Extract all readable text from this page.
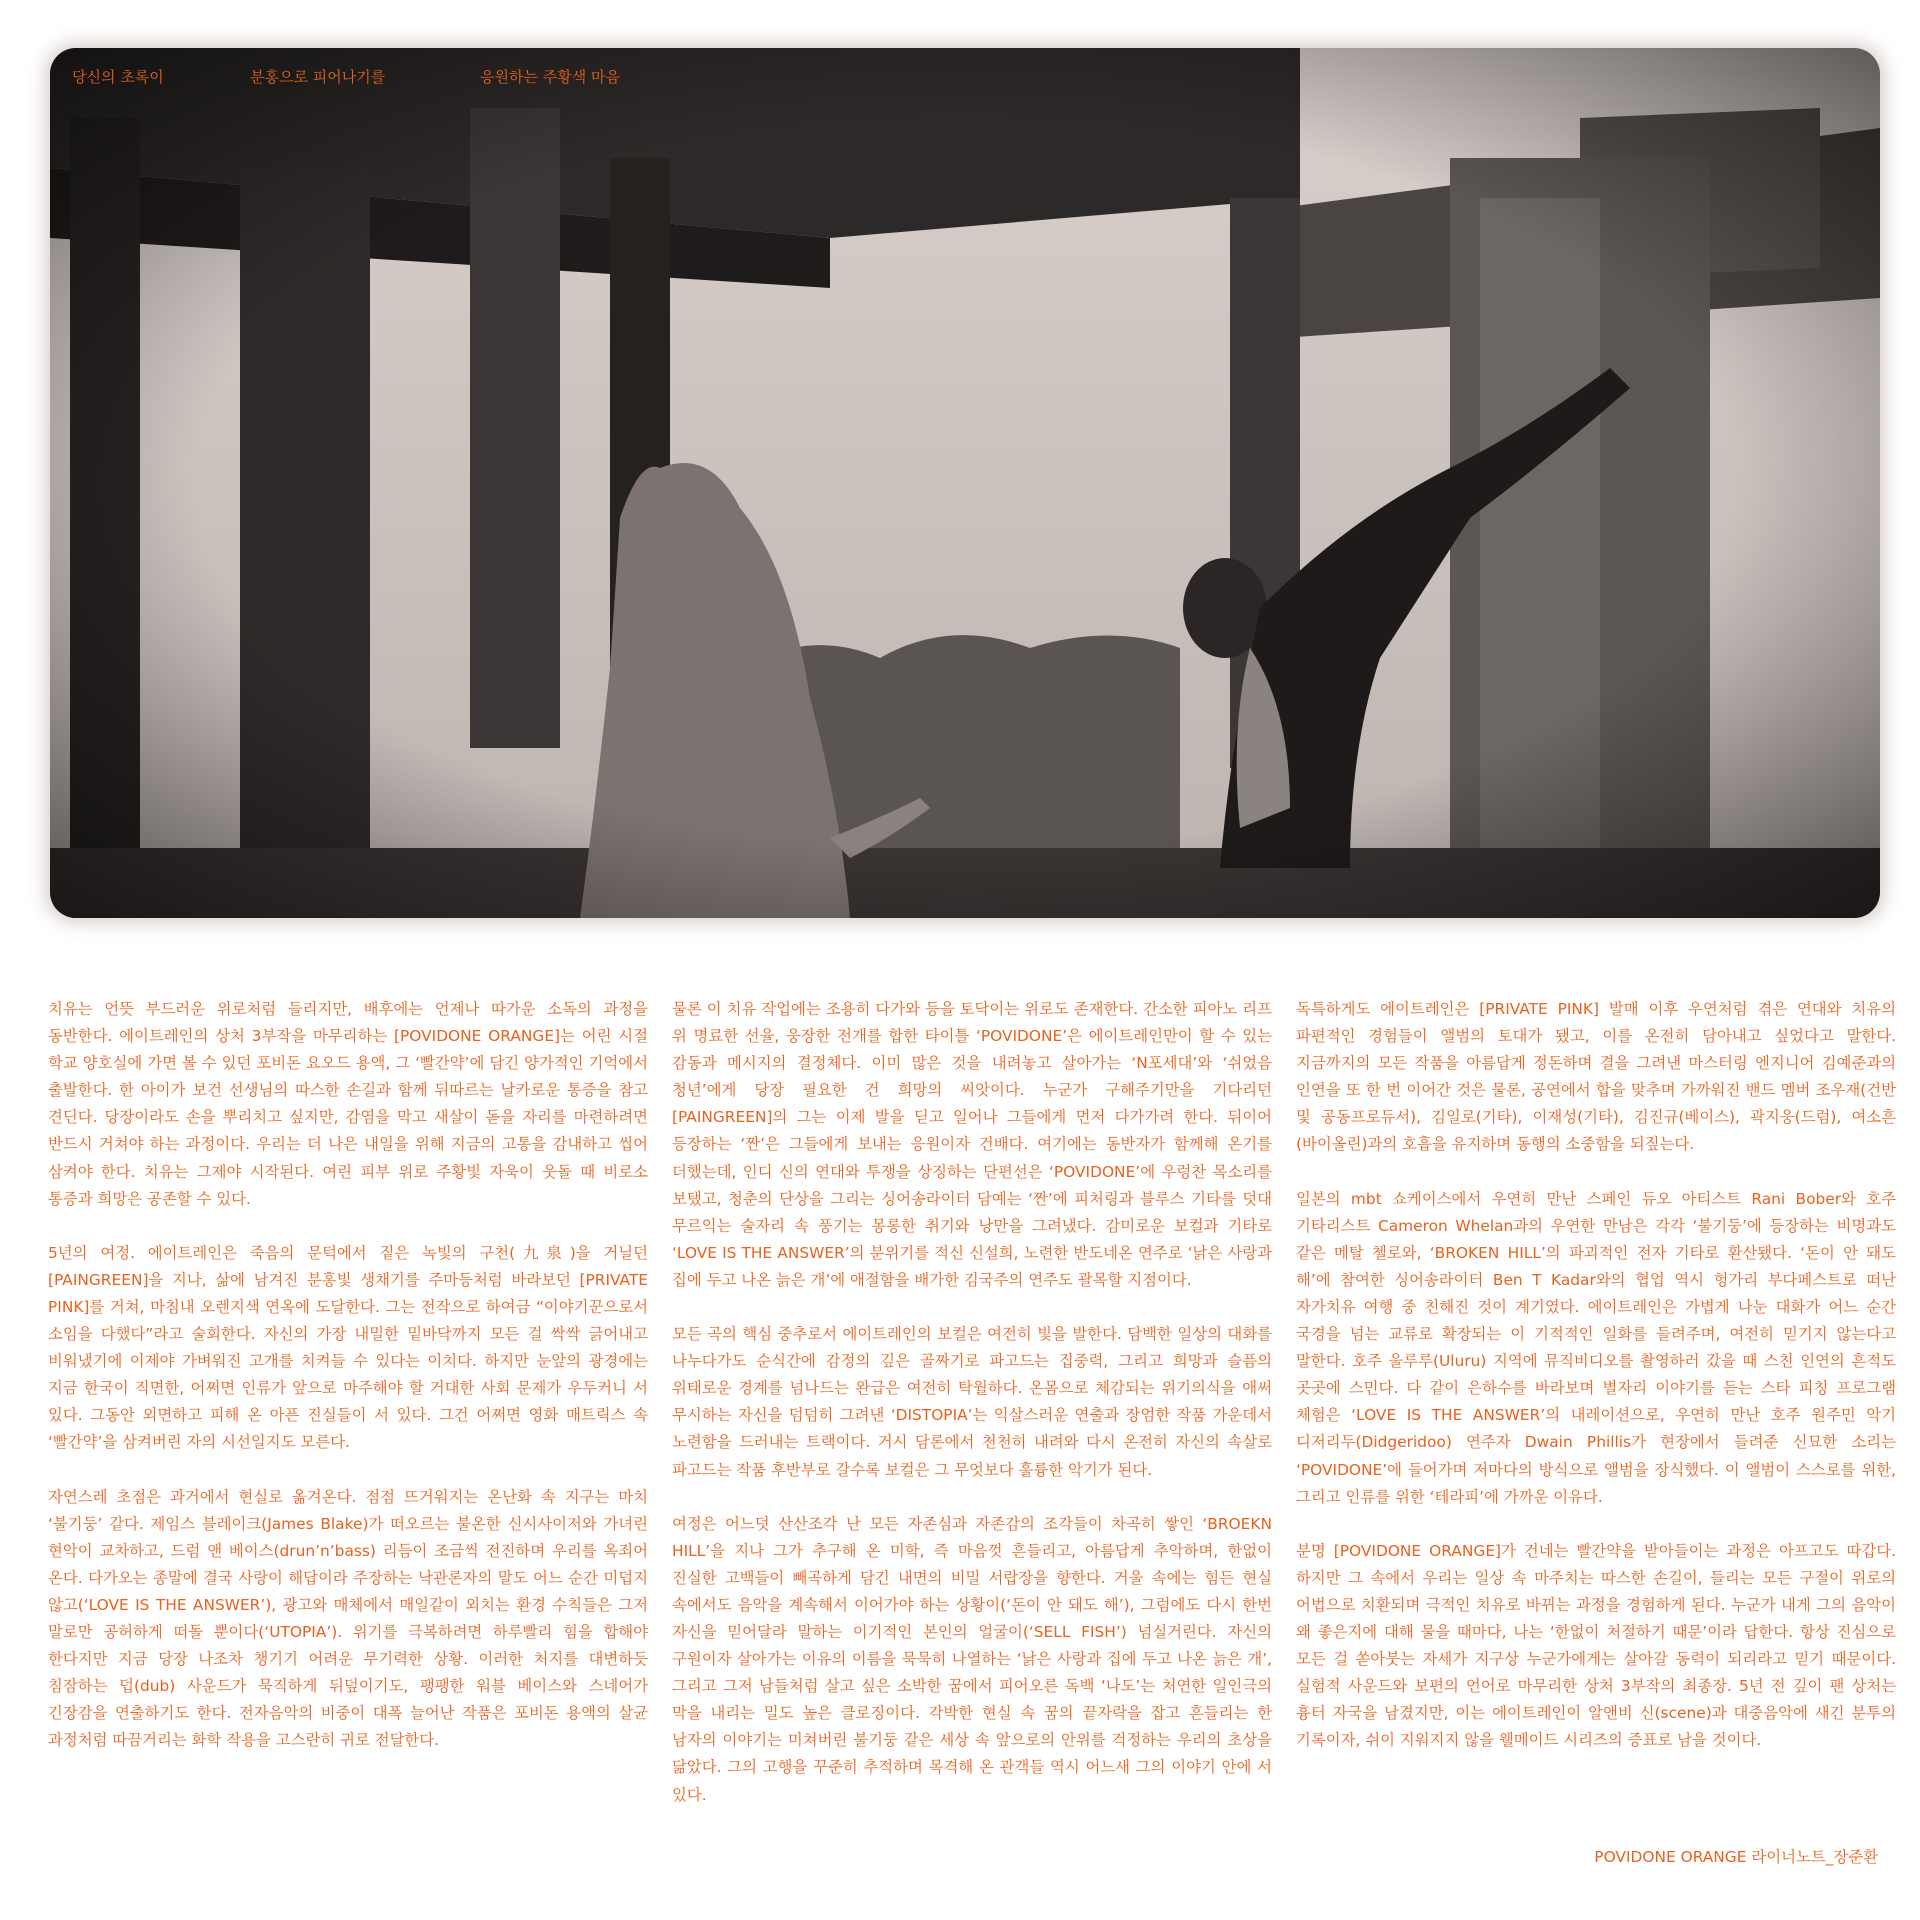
당신의 초록이	분홍으로 피어나기를	응원하는 주황색 마음

치유는 언뜻 부드러운 위로처럼 들리지만, 배후에는 언제나 따가운 소독의 과정을 동반한다. 에이트레인의 상처 3부작을 마무리하는 [POVIDONE ORANGE]는 어린 시절 학교 양호실에 가면 볼 수 있던 포비돈 요오드 용액, 그 ‘빨간약’에 담긴 양가적인 기억에서 출발한다. 한 아이가 보건 선생님의 따스한 손길과 함께 뒤따르는 날카로운 통증을 참고 견딘다. 당장이라도 손을 뿌리치고 싶지만, 감염을 막고 새살이 돋을 자리를 마련하려면 반드시 거쳐야 하는 과정이다. 우리는 더 나은 내일을 위해 지금의 고통을 감내하고 씹어 삼켜야 한다. 치유는 그제야 시작된다. 여린 피부 위로 주황빛 자욱이 웃돌 때 비로소 통증과 희망은 공존할 수 있다.

5년의 여정. 에이트레인은 죽음의 문턱에서 짙은 녹빛의 구천(九泉)을 거닐던 [PAINGREEN]을 지나, 삶에 남겨진 분홍빛 생채기를 주마등처럼 바라보던 [PRIVATE PINK]를 거쳐, 마침내 오렌지색 연옥에 도달한다. 그는 전작으로 하여금 “이야기꾼으로서 소임을 다했다”라고 술회한다. 자신의 가장 내밀한 밑바닥까지 모든 걸 싹싹 긁어내고 비워냈기에 이제야 가벼워진 고개를 치켜들 수 있다는 이치다. 하지만 눈앞의 광경에는 지금 한국이 직면한, 어쩌면 인류가 앞으로 마주해야 할 거대한 사회 문제가 우두커니 서 있다. 그동안 외면하고 피해 온 아픈 진실들이 서 있다. 그건 어쩌면 영화 매트릭스 속 ‘빨간약’을 삼켜버린 자의 시선일지도 모른다.

자연스레 초점은 과거에서 현실로 옮겨온다. 점점 뜨거워지는 온난화 속 지구는 마치 ‘불기둥’ 같다. 제임스 블레이크(James Blake)가 떠오르는 불온한 신시사이저와 가녀린 현악이 교차하고, 드럼 앤 베이스(drun’n’bass) 리듬이 조금씩 전진하며 우리를 옥죄어 온다. 다가오는 종말에 결국 사랑이 해답이라 주장하는 낙관론자의 말도 어느 순간 미덥지 않고(‘LOVE IS THE ANSWER’), 광고와 매체에서 매일같이 외치는 환경 수칙들은 그저 말로만 공허하게 떠돌 뿐이다(‘UTOPIA’). 위기를 극복하려면 하루빨리 힘을 합해야 한다지만 지금 당장 나조차 챙기기 어려운 무기력한 상황. 이러한 처지를 대변하듯 침잠하는 덥(dub) 사운드가 묵직하게 뒤덮이기도, 팽팽한 워블 베이스와 스네어가 긴장감을 연출하기도 한다. 전자음악의 비중이 대폭 늘어난 작품은 포비돈 용액의 살균 과정처럼 따끔거리는 화학 작용을 고스란히 귀로 전달한다.

물론 이 치유 작업에는 조용히 다가와 등을 토닥이는 위로도 존재한다. 간소한 피아노 리프 위 명료한 선율, 웅장한 전개를 합한 타이틀 ‘POVIDONE’은 에이트레인만이 할 수 있는 감동과 메시지의 결정체다. 이미 많은 것을 내려놓고 살아가는 ‘N포세대’와 ‘쉬었음 청년’에게 당장 필요한 건 희망의 씨앗이다. 누군가 구해주기만을 기다리던 [PAINGREEN]의 그는 이제 발을 딛고 일어나 그들에게 먼저 다가가려 한다. 뒤이어 등장하는 ‘짠’은 그들에게 보내는 응원이자 건배다. 여기에는 동반자가 함께해 온기를 더했는데, 인디 신의 연대와 투쟁을 상징하는 단편선은 ‘POVIDONE’에 우렁찬 목소리를 보탰고, 청춘의 단상을 그리는 싱어송라이터 담예는 ‘짠’에 피처링과 블루스 기타를 덧대 무르익는 술자리 속 풍기는 몽롱한 취기와 낭만을 그려냈다. 감미로운 보컬과 기타로 ‘LOVE IS THE ANSWER’의 분위기를 적신 신설희, 노련한 반도네온 연주로 ‘낡은 사랑과 집에 두고 나온 늙은 개’에 애절함을 배가한 김국주의 연주도 괄목할 지점이다.

모든 곡의 핵심 중추로서 에이트레인의 보컬은 여전히 빛을 발한다. 담백한 일상의 대화를 나누다가도 순식간에 감정의 깊은 골짜기로 파고드는 집중력, 그리고 희망과 슬픔의 위태로운 경계를 넘나드는 완급은 여전히 탁월하다. 온몸으로 체감되는 위기의식을 애써 무시하는 자신을 덤덤히 그려낸 ‘DISTOPIA’는 익살스러운 연출과 장엄한 작품 가운데서 노련함을 드러내는 트랙이다. 거시 담론에서 천천히 내려와 다시 온전히 자신의 속살로 파고드는 작품 후반부로 갈수록 보컬은 그 무엇보다 훌륭한 악기가 된다.

여정은 어느덧 산산조각 난 모든 자존심과 자존감의 조각들이 차곡히 쌓인 ‘BROEKN HILL’을 지나 그가 추구해 온 미학, 즉 마음껏 흔들리고, 아름답게 추악하며, 한없이 진실한 고백들이 빼곡하게 담긴 내면의 비밀 서랍장을 향한다. 거울 속에는 힘든 현실 속에서도 음악을 계속해서 이어가야 하는 상황이(‘돈이 안 돼도 해’), 그럼에도 다시 한번 자신을 믿어달라 말하는 이기적인 본인의 얼굴이(‘SELL FISH’) 넘실거린다. 자신의 구원이자 살아가는 이유의 이름을 묵묵히 나열하는 ‘낡은 사랑과 집에 두고 나온 늙은 개’, 그리고 그저 남들처럼 살고 싶은 소박한 꿈에서 피어오른 독백 ‘나도’는 처연한 일인극의 막을 내리는 밀도 높은 클로징이다. 각박한 현실 속 꿈의 끝자락을 잡고 흔들리는 한 남자의 이야기는 미쳐버린 불기둥 같은 세상 속 앞으로의 안위를 걱정하는 우리의 초상을 닮았다. 그의 고행을 꾸준히 추적하며 목격해 온 관객들 역시 어느새 그의 이야기 안에 서 있다.

독특하게도 에이트레인은 [PRIVATE PINK] 발매 이후 우연처럼 겪은 연대와 치유의 파편적인 경험들이 앨범의 토대가 됐고, 이를 온전히 담아내고 싶었다고 말한다. 지금까지의 모든 작품을 아름답게 정돈하며 결을 그려낸 마스터링 엔지니어 김예준과의 인연을 또 한 번 이어간 것은 물론, 공연에서 합을 맞추며 가까워진 밴드 멤버 조우재(건반 및 공동프로듀서), 김일로(기타), 이재성(기타), 김진규(베이스), 곽지웅(드럼), 여소흔(바이올린)과의 호흡을 유지하며 동행의 소중함을 되짚는다.

일본의 mbt 쇼케이스에서 우연히 만난 스페인 듀오 아티스트 Rani Bober와 호주 기타리스트 Cameron Whelan과의 우연한 만남은 각각 ‘불기둥’에 등장하는 비명과도 같은 메탈 첼로와, ‘BROKEN HILL’의 파괴적인 전자 기타로 환산됐다. ‘돈이 안 돼도 해’에 참여한 싱어송라이터 Ben T Kadar와의 협업 역시 헝가리 부다페스트로 떠난 자가치유 여행 중 친해진 것이 계기였다. 에이트레인은 가볍게 나눈 대화가 어느 순간 국경을 넘는 교류로 확장되는 이 기적적인 일화를 들려주며, 여전히 믿기지 않는다고 말한다. 호주 울루루(Uluru) 지역에 뮤직비디오를 촬영하러 갔을 때 스친 인연의 흔적도 곳곳에 스민다. 다 같이 은하수를 바라보며 별자리 이야기를 듣는 스타 피칭 프로그램 체험은 ‘LOVE IS THE ANSWER’의 내레이션으로, 우연히 만난 호주 원주민 악기 디저리두(Didgeridoo) 연주자 Dwain Phillis가 현장에서 들려준 신묘한 소리는 ‘POVIDONE’에 들어가며 저마다의 방식으로 앨범을 장식했다. 이 앨범이 스스로를 위한, 그리고 인류를 위한 ‘테라피’에 가까운 이유다.

분명 [POVIDONE ORANGE]가 건네는 빨간약을 받아들이는 과정은 아프고도 따갑다. 하지만 그 속에서 우리는 일상 속 마주치는 따스한 손길이, 들리는 모든 구절이 위로의 어법으로 치환되며 극적인 치유로 바뀌는 과정을 경험하게 된다. 누군가 내게 그의 음악이 왜 좋은지에 대해 물을 때마다, 나는 ‘한없이 처절하기 때문’이라 답한다. 항상 진심으로 모든 걸 쏟아붓는 자세가 지구상 누군가에게는 살아갈 동력이 되리라고 믿기 때문이다. 실험적 사운드와 보편의 언어로 마무리한 상처 3부작의 최종장. 5년 전 깊이 팬 상처는 흉터 자국을 남겼지만, 이는 에이트레인이 알앤비 신(scene)과 대중음악에 새긴 분투의 기록이자, 쉬이 지워지지 않을 웰메이드 시리즈의 증표로 남을 것이다.

POVIDONE ORANGE 라이너노트_장준환
